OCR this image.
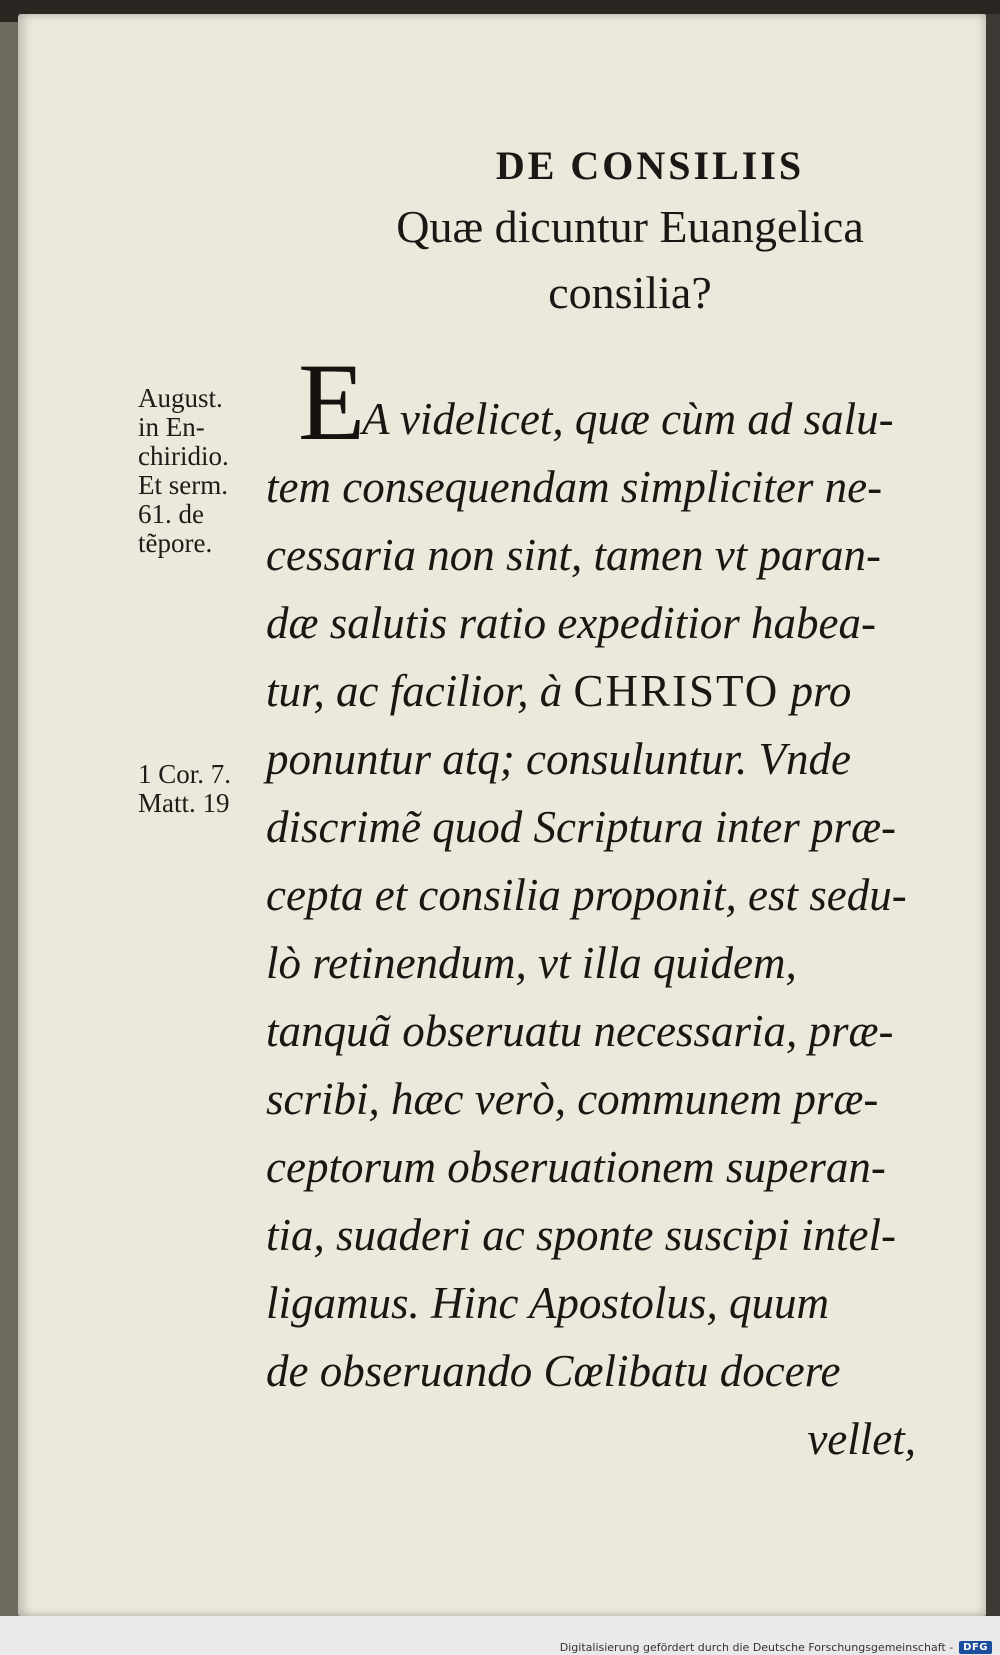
DE CONSILIIS
Quæ dicuntur Euangelica
consilia?
August.
in En-
chiridio.
Et serm.
61. de
tẽpore.
1 Cor. 7.
Matt. 19
E
A videlicet, quæ cùm ad salu-
tem consequendam simpliciter ne-
cessaria non sint, tamen vt paran-
dæ salutis ratio expeditior habea-
tur, ac facilior, à CHRISTO pro
ponuntur atq; consuluntur. Vnde
discrimẽ quod Scriptura inter præ-
cepta et consilia proponit, est sedu-
lò retinendum, vt illa quidem,
tanquã obseruatu necessaria, præ-
scribi, hæc verò, communem præ-
ceptorum obseruationem superan-
tia, suaderi ac sponte suscipi intel-
ligamus. Hinc Apostolus, quum
de obseruando Cœlibatu docere
vellet,
Digitalisierung gefördert durch die Deutsche Forschungsgemeinschaft -	DFG
